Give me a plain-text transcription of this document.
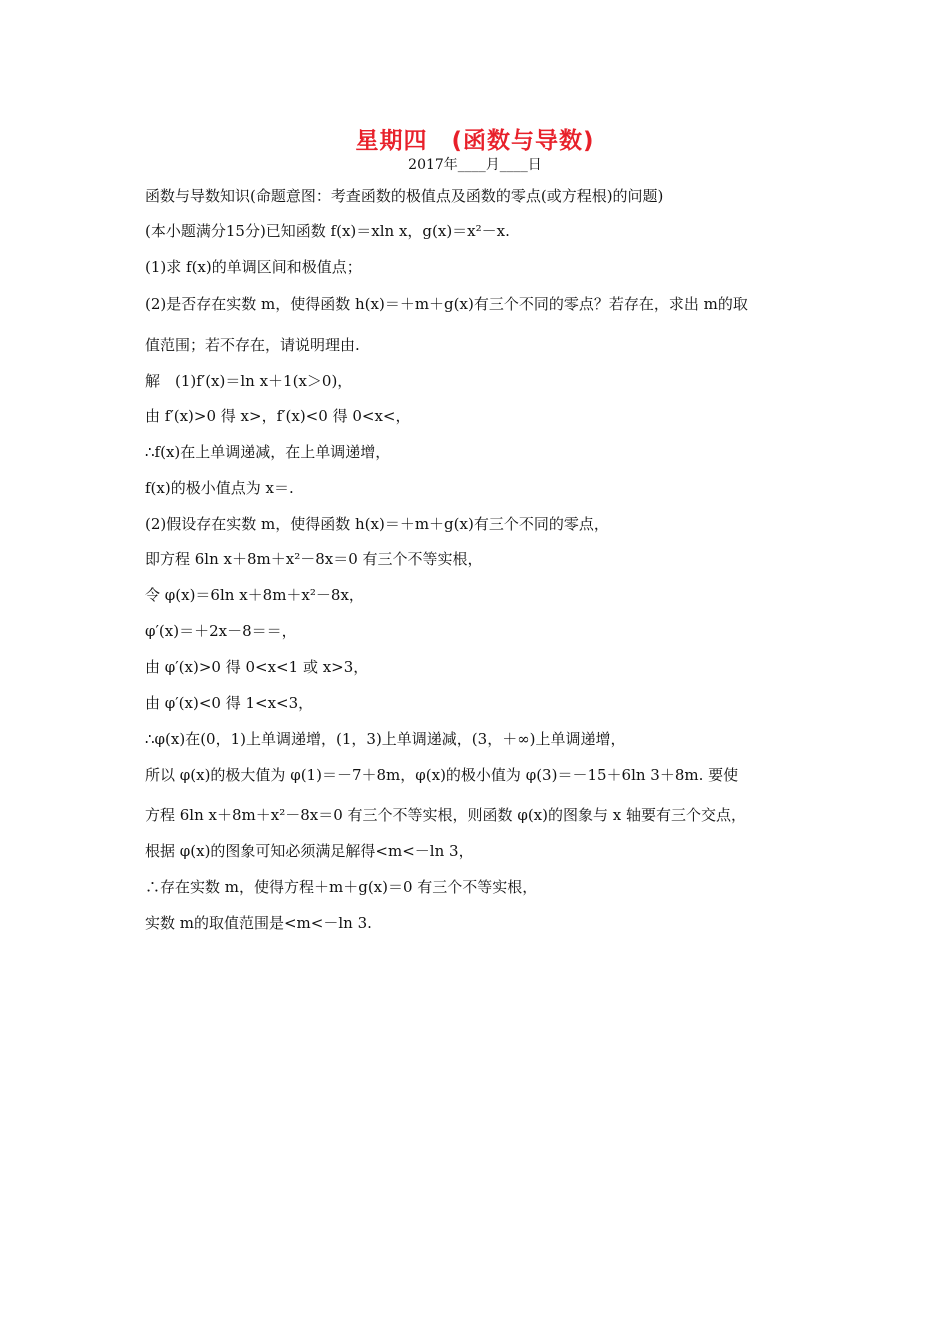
星期四　(函数与导数)
2017年____月____日
函数与导数知识(命题意图：考查函数的极值点及函数的零点(或方程根)的问题)
(本小题满分15分)已知函数 f(x)＝xln x，g(x)＝x²－x.
(1)求 f(x)的单调区间和极值点；
(2)是否存在实数 m，使得函数 h(x)＝＋m＋g(x)有三个不同的零点？若存在，求出 m的取
值范围；若不存在，请说明理由.
解　(1)f′(x)＝ln x＋1(x＞0)，
由 f′(x)>0 得 x>，f′(x)<0 得 0<x<，
∴f(x)在上单调递减，在上单调递增，
f(x)的极小值点为 x＝.
(2)假设存在实数 m，使得函数 h(x)＝＋m＋g(x)有三个不同的零点，
即方程 6ln x＋8m＋x²－8x＝0 有三个不等实根，
令 φ(x)＝6ln x＋8m＋x²－8x，
φ′(x)＝＋2x－8＝＝，
由 φ′(x)>0 得 0<x<1 或 x>3，
由 φ′(x)<0 得 1<x<3，
∴φ(x)在(0，1)上单调递增，(1，3)上单调递减，(3，＋∞)上单调递增，
所以 φ(x)的极大值为 φ(1)＝－7＋8m，φ(x)的极小值为 φ(3)＝－15＋6ln 3＋8m. 要使
方程 6ln x＋8m＋x²－8x＝0 有三个不等实根，则函数 φ(x)的图象与 x 轴要有三个交点，
根据 φ(x)的图象可知必须满足解得<m<－ln 3，
∴存在实数 m，使得方程＋m＋g(x)＝0 有三个不等实根，
实数 m的取值范围是<m<－ln 3.
